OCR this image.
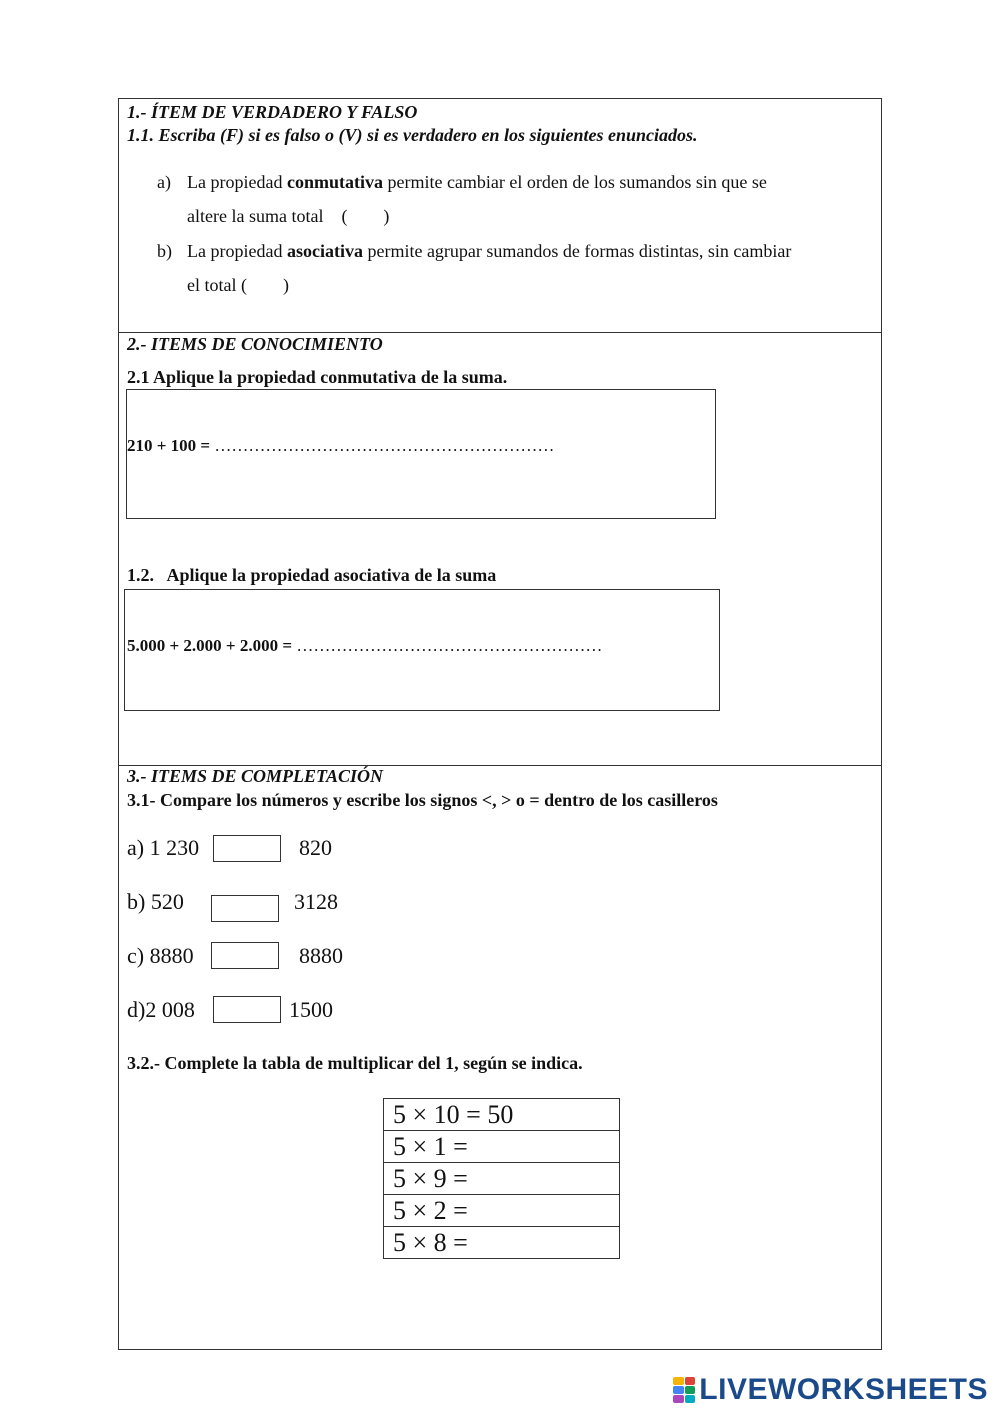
1.- ÍTEM DE VERDADERO Y FALSO
1.1. Escriba (F) si es falso o (V) si es verdadero en los siguientes enunciados.
a) La propiedad conmutativa permite cambiar el orden de los sumandos sin que se
altere la suma total    (        )
b) La propiedad asociativa permite agrupar sumandos de formas distintas, sin cambiar
el total (        )
2.- ITEMS DE CONOCIMIENTO
2.1 Aplique la propiedad conmutativa de la suma.
210 + 100 = ……………………………………………………
1.2.   Aplique la propiedad asociativa de la suma
5.000 + 2.000 + 2.000 = ………………………………………………
3.- ITEMS DE COMPLETACIÓN
3.1- Compare los números y escribe los signos <, > o = dentro de los casilleros
a) 1 230	820
b) 520	3128
c) 8880	8880
d)2 008	1500
3.2.- Complete la tabla de multiplicar del 1, según se indica.
5 × 10 = 50
5 × 1 =
5 × 9 =
5 × 2 =
5 × 8 =
LIVEWORKSHEETS
